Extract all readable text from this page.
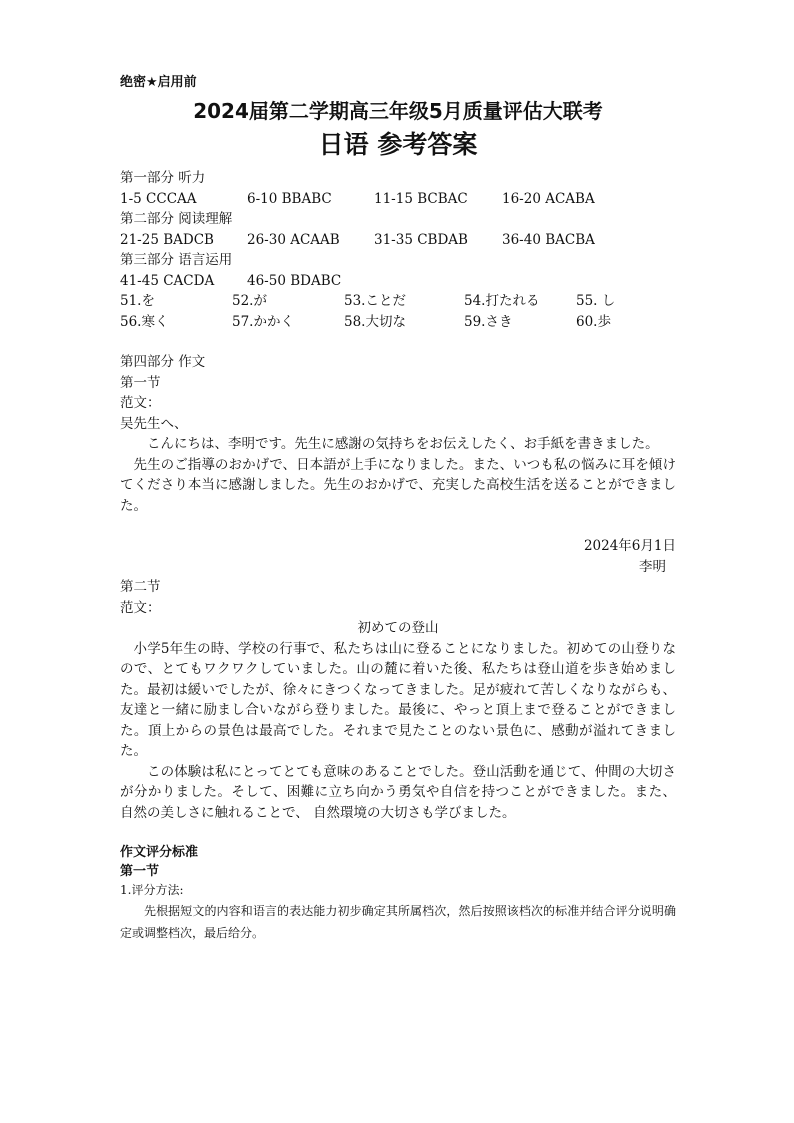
绝密★启用前
2024届第二学期高三年级5月质量评估大联考
日语 参考答案
第一部分 听力
1-5 CCCAA	6-10 BBABC	11-15 BCBAC	16-20 ACABA
第二部分 阅读理解
21-25 BADCB	26-30 ACAAB	31-35 CBDAB	36-40 BACBA
第三部分 语言运用
41-45 CACDA	46-50 BDABC
51.を	52.が	53.ことだ	54.打たれる	55. し
56.寒く	57.かかく	58.大切な	59.さき	60.歩
第四部分 作文
第一节
范文：
吴先生へ、

こんにちは、李明です。先生に感謝の気持ちをお伝えしたく、お手紙を書きました。

先生のご指導のおかげで、日本語が上手になりました。また、いつも私の悩みに耳を傾けてくださり本当に感謝しました。先生のおかげで、充実した高校生活を送ることができました。

2024年6月1日
李明
第二节
范文：
初めての登山

小学5年生の時、学校の行事で、私たちは山に登ることになりました。初めての山登りなので、とてもワクワクしていました。山の麓に着いた後、私たちは登山道を歩き始めました。最初は緩いでしたが、徐々にきつくなってきました。足が疲れて苦しくなりながらも、友達と一緒に励まし合いながら登りました。最後に、やっと頂上まで登ることができました。頂上からの景色は最高でした。それまで見たことのない景色に、感動が溢れてきました。

この体験は私にとってとても意味のあることでした。登山活動を通じて、仲間の大切さが分かりました。そして、困難に立ち向かう勇気や自信を持つことができました。また、 自然の美しさに触れることで、 自然環境の大切さも学びました。

作文评分标准
第一节
1.评分方法:

先根据短文的内容和语言的表达能力初步确定其所属档次，然后按照该档次的标准并结合评分说明确定或调整档次，最后给分。
